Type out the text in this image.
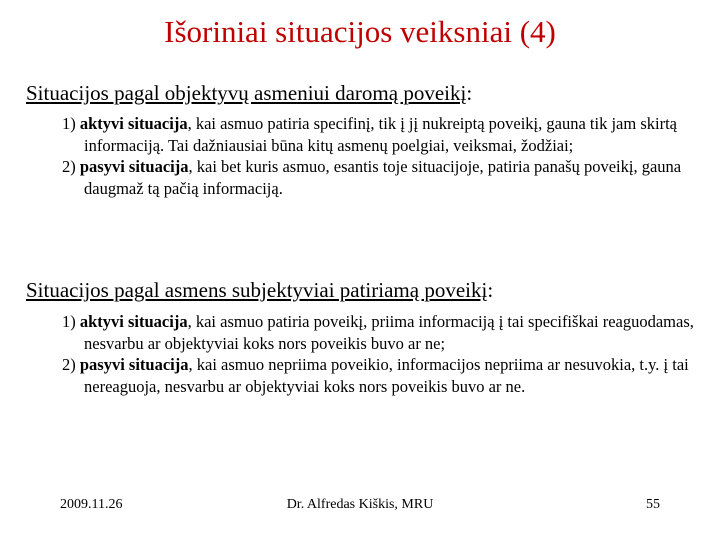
Išoriniai situacijos veiksniai (4)
Situacijos pagal objektyvų asmeniui daromą poveikį:

1) aktyvi situacija, kai asmuo patiria specifinį, tik į jį nukreiptą poveikį, gauna tik jam skirtą informaciją. Tai dažniausiai būna kitų asmenų poelgiai, veiksmai, žodžiai;

2) pasyvi situacija, kai bet kuris asmuo, esantis toje situacijoje, patiria panašų poveikį, gauna daugmaž tą pačią informaciją.

Situacijos pagal asmens subjektyviai patiriamą poveikį:

1) aktyvi situacija, kai asmuo patiria poveikį, priima informaciją į tai specifiškai reaguodamas, nesvarbu ar objektyviai koks nors poveikis buvo ar ne;

2) pasyvi situacija, kai asmuo nepriima poveikio, informacijos nepriima ar nesuvokia, t.y. į tai nereaguoja, nesvarbu ar objektyviai koks nors poveikis buvo ar ne.

2009.11.26	Dr. Alfredas Kiškis, MRU	55
